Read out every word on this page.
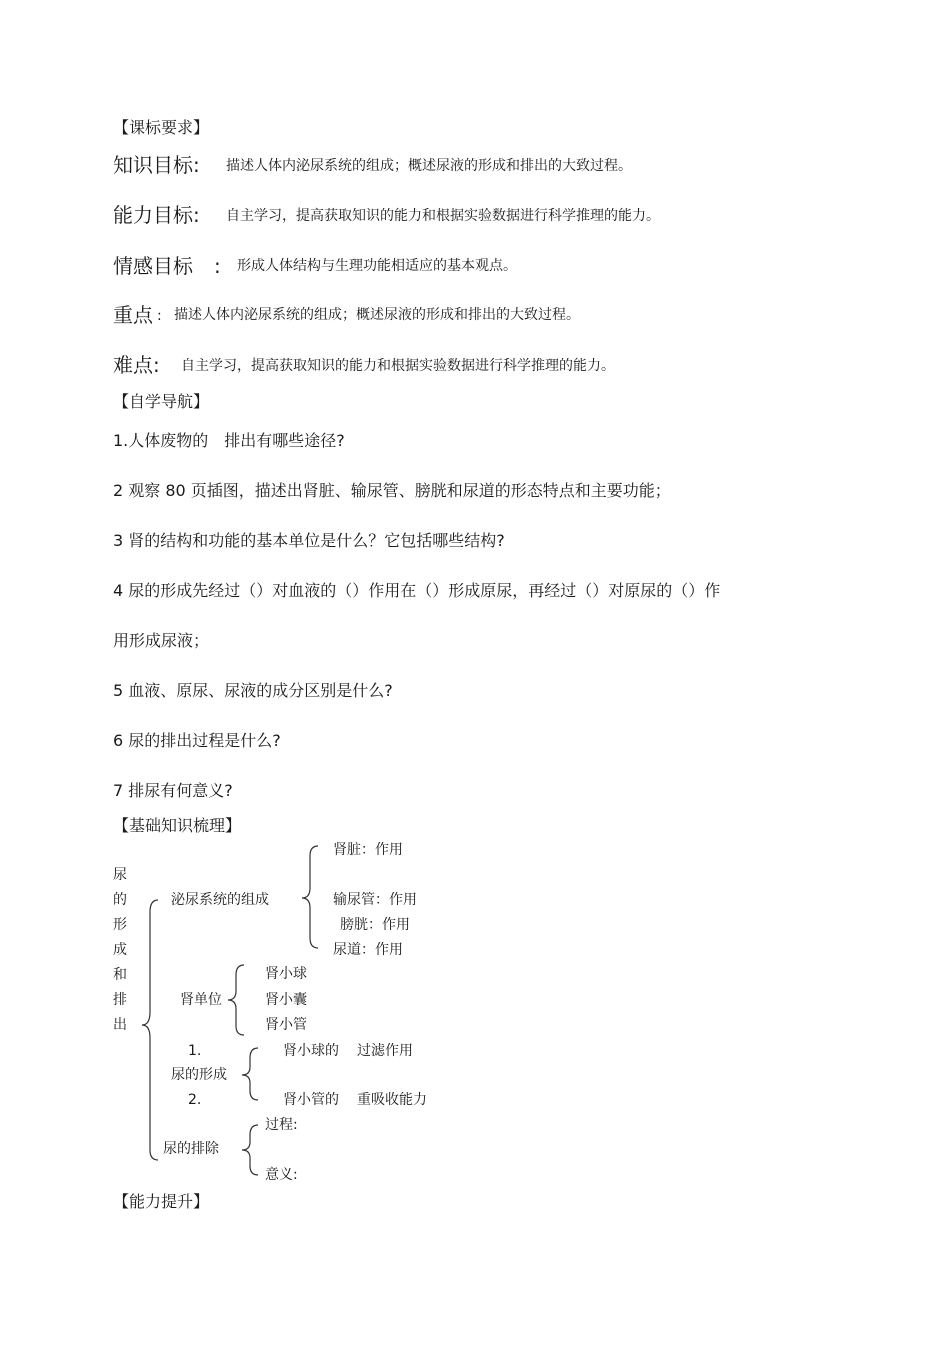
【课标要求】
知识目标: 描述人体内泌尿系统的组成；概述尿液的形成和排出的大致过程。
能力目标: 自主学习，提高获取知识的能力和根据实验数据进行科学推理的能力。
情感目标 : 形成人体结构与生理功能相适应的基本观点。
重点 : 描述人体内泌尿系统的组成；概述尿液的形成和排出的大致过程。
难点: 自主学习，提高获取知识的能力和根据实验数据进行科学推理的能力。
【自学导航】
1.人体废物的　排出有哪些途径?
2 观察 80 页插图，描述出肾脏、输尿管、膀胱和尿道的形态特点和主要功能；
3 肾的结构和功能的基本单位是什么？它包括哪些结构?
4 尿的形成先经过（）对血液的（）作用在（）形成原尿，再经过（）对原尿的（）作
用形成尿液；
5 血液、原尿、尿液的成分区别是什么?
6 尿的排出过程是什么?
7 排尿有何意义?
【基础知识梳理】
尿
的
形
成
和
排
出
泌尿系统的组成
肾脏：作用
输尿管：作用
膀胱：作用
尿道：作用
肾单位
肾小球
肾小囊
肾小管
1.
尿的形成
2.
肾小球的 过滤作用
肾小管的 重吸收能力
尿的排除
过程:
意义:
【能力提升】
